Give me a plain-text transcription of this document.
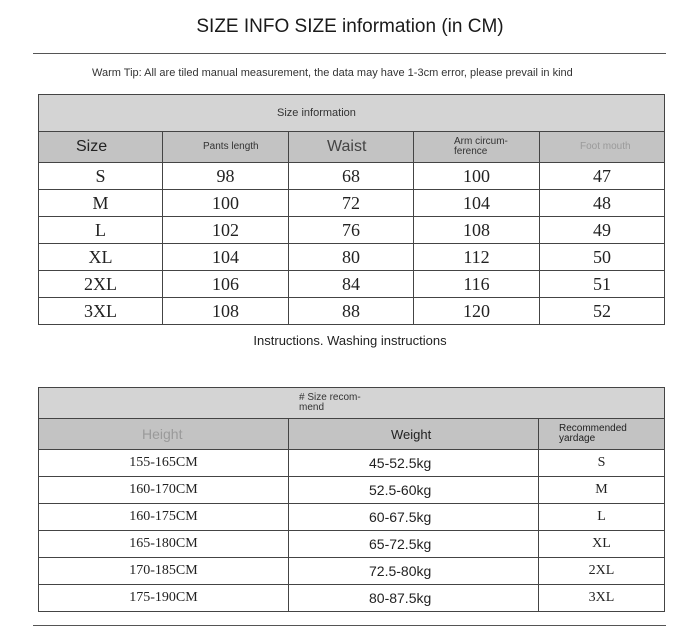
SIZE INFO SIZE information (in CM)
Warm Tip: All are tiled manual measurement, the data may have 1-3cm error, please prevail in kind
Size information				
Size	Pants length	Waist	Arm circum-ference	Foot mouth
S	98	68	100	47
M	100	72	104	48
L	102	76	108	49
XL	104	80	112	50
2XL	106	84	116	51
3XL	108	88	120	52
Instructions. Washing instructions
# Size recom-mend		

Height	Weight	Recommended yardage
155-165CM	45-52.5kg	S
160-170CM	52.5-60kg	M
160-175CM	60-67.5kg	L
165-180CM	65-72.5kg	XL
170-185CM	72.5-80kg	2XL
175-190CM	80-87.5kg	3XL
